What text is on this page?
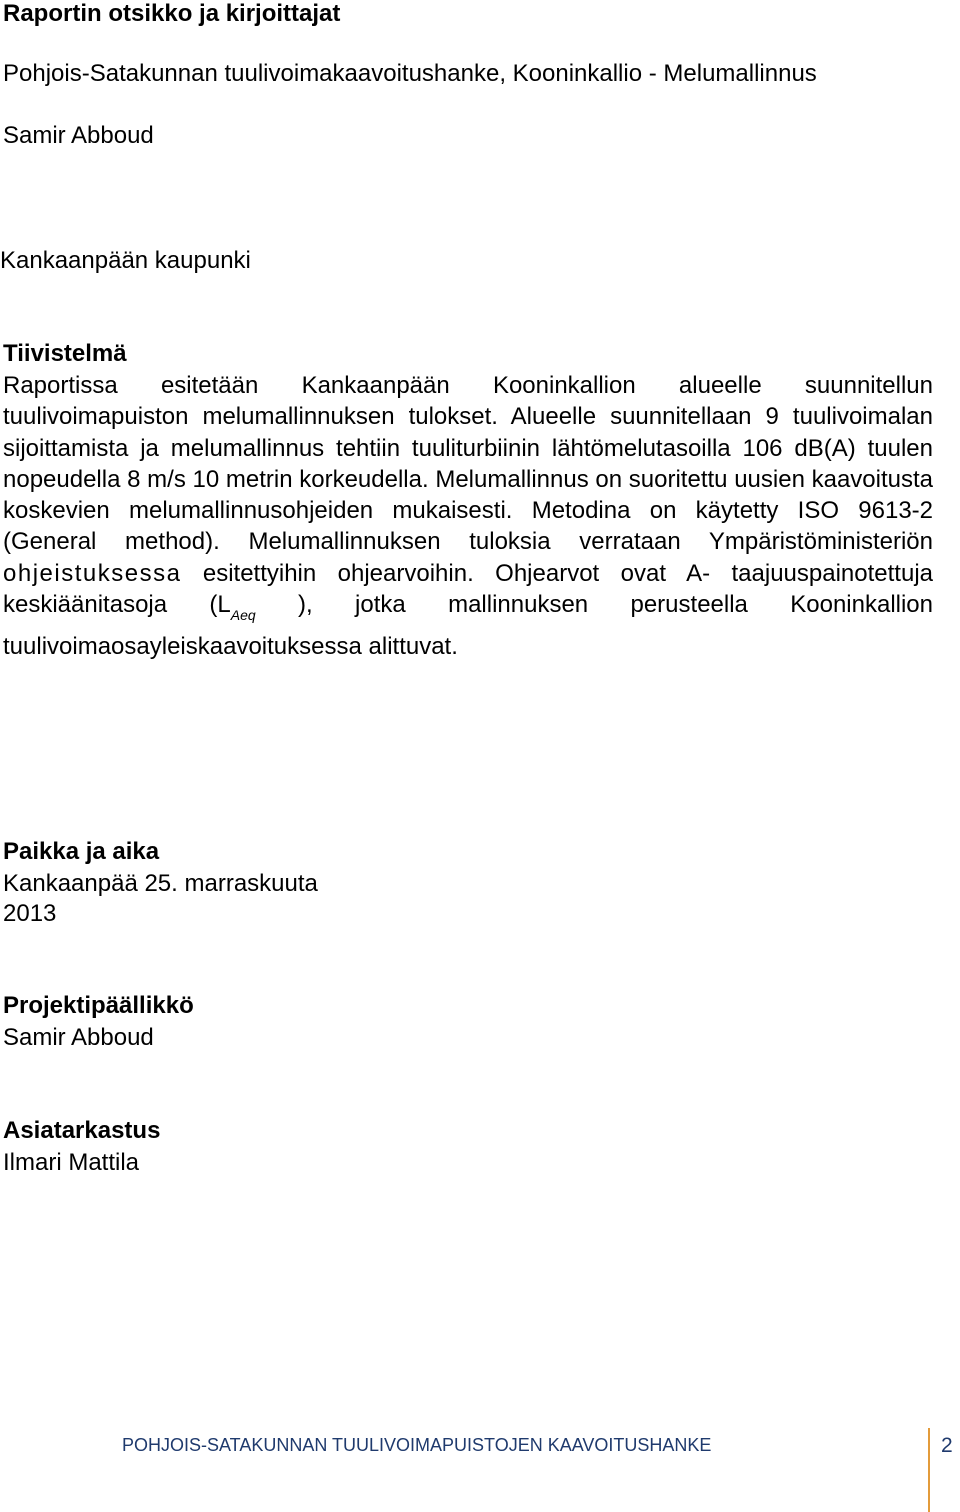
Raportin otsikko ja kirjoittajat

Pohjois-Satakunnan tuulivoimakaavoitushanke, Kooninkallio - Melumallinnus

Samir Abboud

Kankaanpään kaupunki

Tiivistelmä

Raportissa esitetään Kankaanpään Kooninkallion alueelle suunnitellun tuulivoimapuiston melumallinnuksen tulokset. Alueelle suunnitellaan 9 tuulivoimalan sijoittamista ja melumallinnus tehtiin tuuliturbiinin lähtömelutasoilla 106 dB(A) tuulen nopeudella 8 m/s 10 metrin korkeudella. Melumallinnus on suoritettu uusien kaavoitusta koskevien melumallinnusohjeiden mukaisesti. Metodina on käytetty ISO 9613-2 (General method). Melumallinnuksen tuloksia verrataan Ympäristöministeriön ohjeistuksessa esitettyihin ohjearvoihin. Ohjearvot ovat A- taajuuspainotettuja keskiäänitasoja ($L_{Aeq}$ ), jotka mallinnuksen perusteella Kooninkallion tuulivoimaosayleiskaavoituksessa alittuvat.

Paikka ja aika

Kankaanpää 25. marraskuuta

2013

Projektipäällikkö

Samir Abboud

Asiatarkastus

Ilmari Mattila

POHJOIS-SATAKUNNAN TUULIVOIMAPUISTOJEN KAAVOITUSHANKE	2
